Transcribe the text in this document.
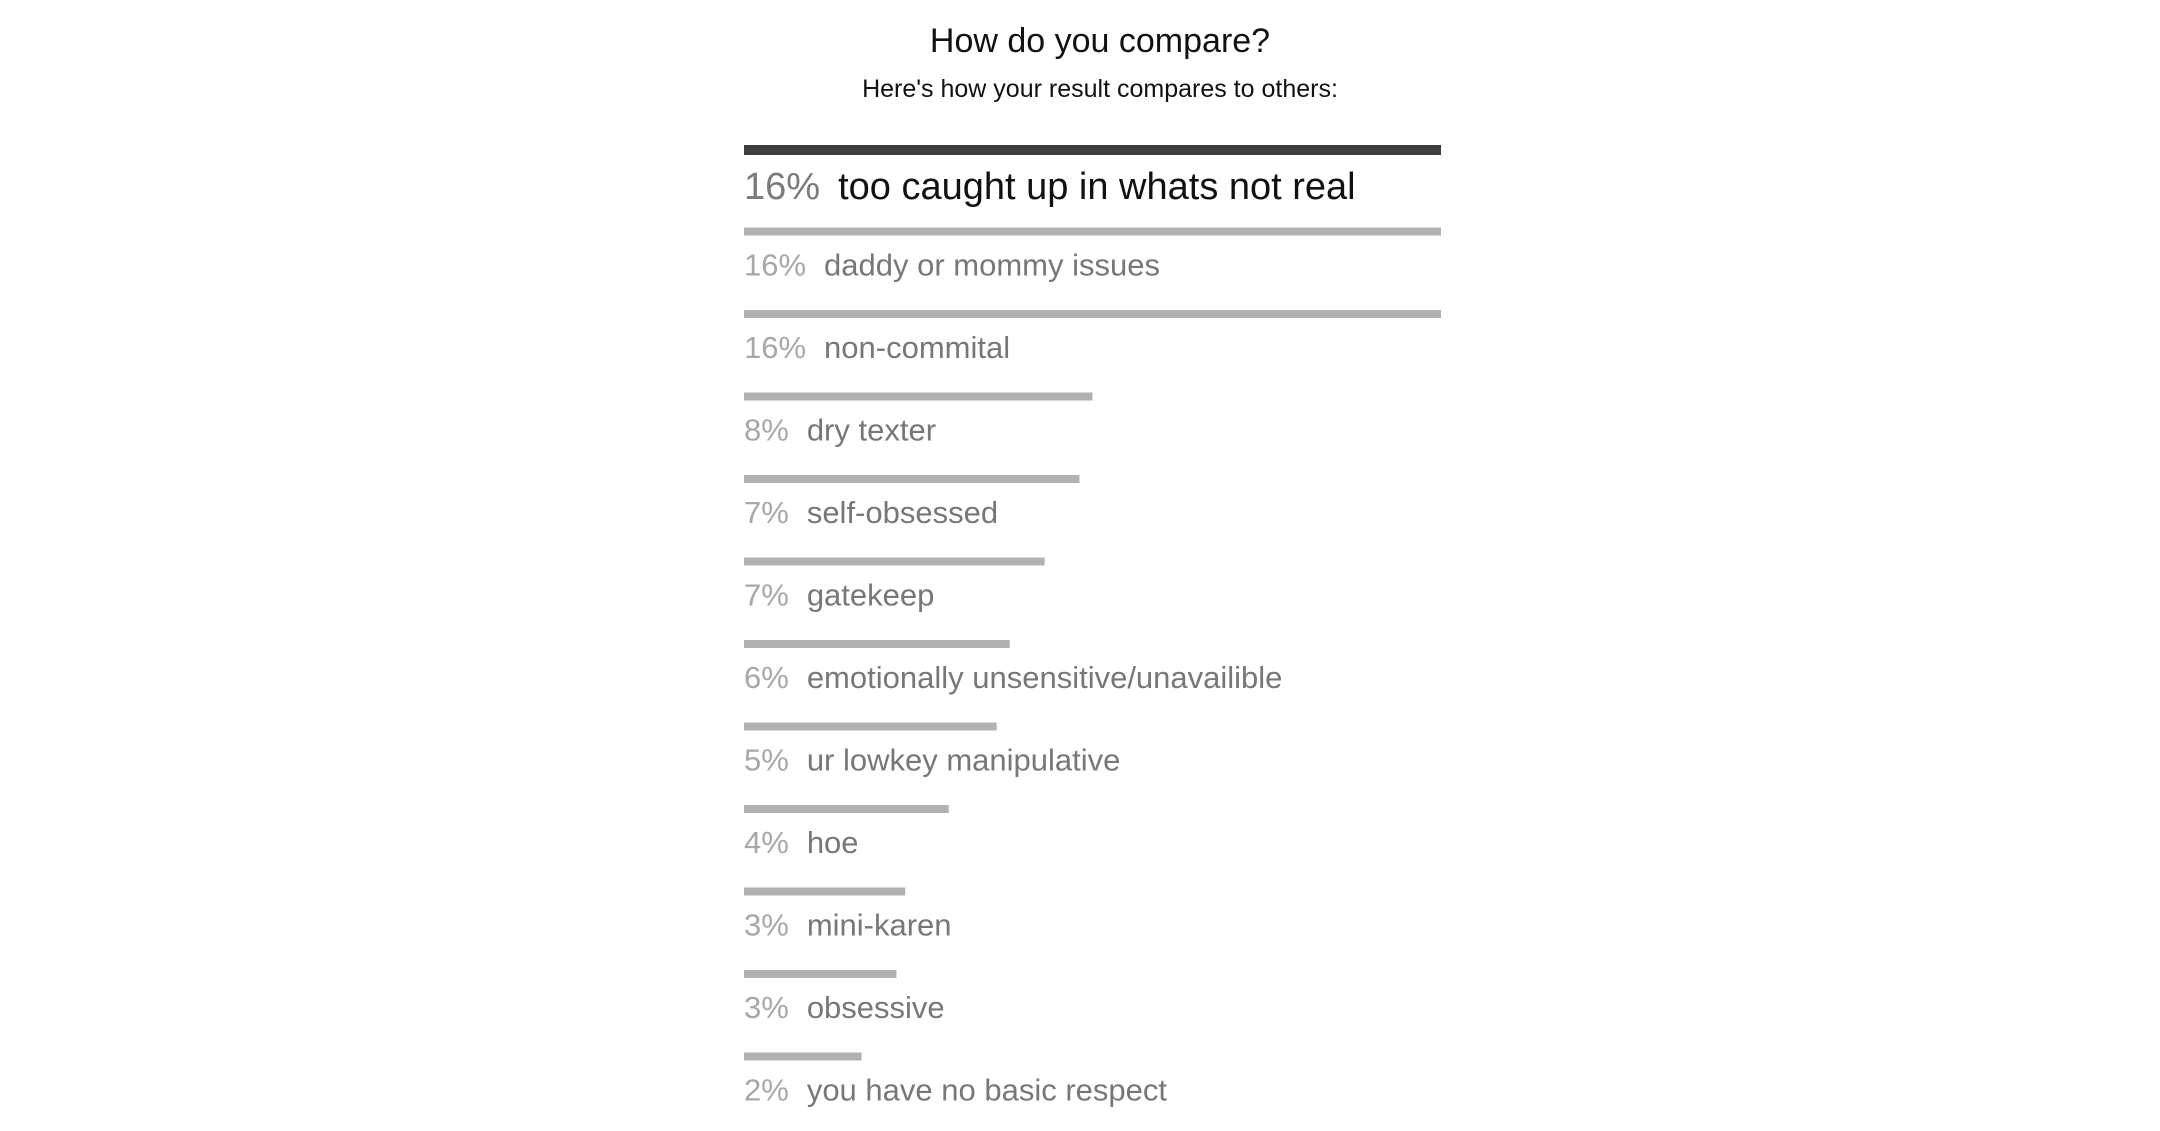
How do you compare?

Here's how your result compares to others:

16% too caught up in whats not real
16% daddy or mommy issues
16% non-commital
8% dry texter
7% self-obsessed
7% gatekeep
6% emotionally unsensitive/unavailible
5% ur lowkey manipulative
4% hoe
3% mini-karen
3% obsessive
2% you have no basic respect
